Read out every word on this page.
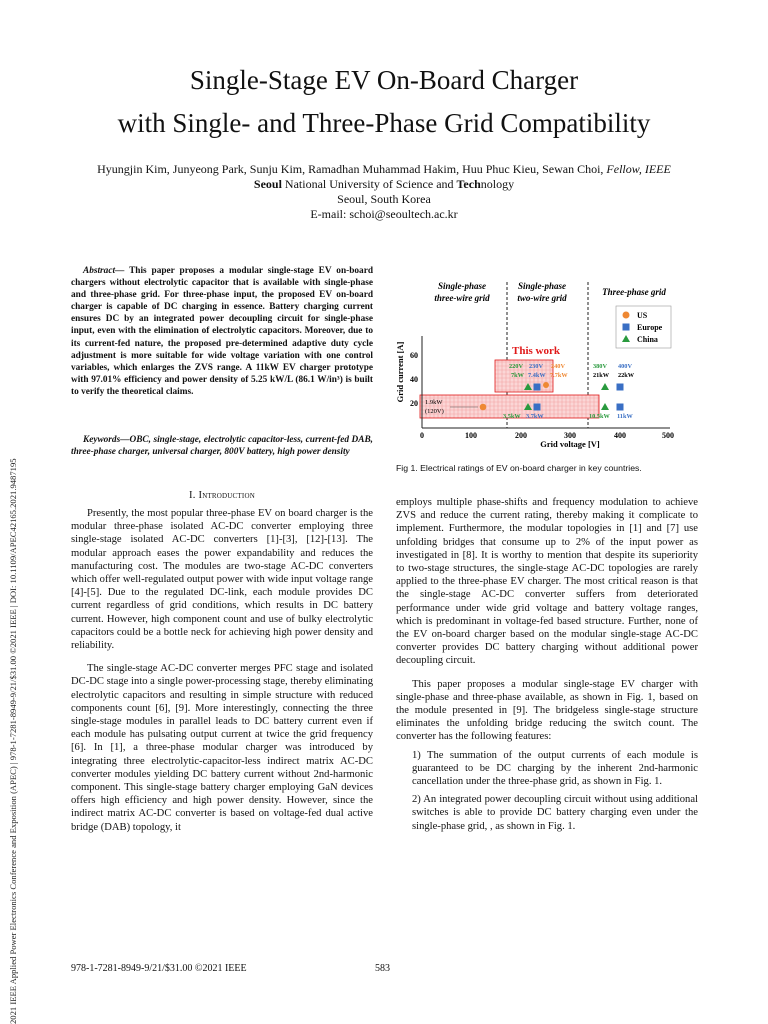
2021 IEEE Applied Power Electronics Conference and Exposition (APEC) | 978-1-7281-8949-9/21/$31.00 ©2021 IEEE | DOI: 10.1109/APEC42165.2021.9487195
Single-Stage EV On-Board Charger
with Single- and Three-Phase Grid Compatibility
Hyungjin Kim, Junyeong Park, Sunju Kim, Ramadhan Muhammad Hakim, Huu Phuc Kieu, Sewan Choi, Fellow, IEEE
Seoul National University of Science and Technology
Seoul, South Korea
E-mail: schoi@seoultech.ac.kr
Abstract— This paper proposes a modular single-stage EV on-board chargers without electrolytic capacitor that is available with single-phase and three-phase grid. For three-phase input, the proposed EV on-board charger is capable of DC charging in essence. Battery charging current ensures DC by an integrated power decoupling circuit for single-phase input, even with the elimination of electrolytic capacitors. Moreover, due to its current-fed nature, the proposed pre-determined adaptive duty cycle adjustment is more suitable for wide voltage variation with one control variables, which enlarges the ZVS range. A 11kW EV charger prototype with 97.01% efficiency and power density of 5.25 kW/L (86.1 W/in³) is built to verify the theoretical claims.
Keywords—OBC, single-stage, electrolytic capacitor-less, current-fed DAB, three-phase charger, universal charger, 800V battery, high power density
I. Introduction

Presently, the most popular three-phase EV on board charger is the modular three-phase isolated AC-DC converter employing three single-stage isolated AC-DC converters [1]-[3], [12]-[13]. The modular approach eases the power expandability and reduces the manufacturing cost. The modules are two-stage AC-DC converters which offer well-regulated output power with wide input voltage range [4]-[5]. Due to the regulated DC-link, each module provides DC current regardless of grid conditions, which results in DC battery current. However, high component count and use of bulky electrolytic capacitors could be a bottle neck for achieving high power density and reliability.

The single-stage AC-DC converter merges PFC stage and isolated DC-DC stage into a single power-processing stage, thereby eliminating electrolytic capacitors and resulting in simple structure with reduced components count [6], [9]. More interestingly, connecting the three single-stage modules in parallel leads to DC battery current even if each module has pulsating output current at twice the grid frequency [6]. In [1], a three-phase modular charger was introduced by integrating three electrolytic-capacitor-less indirect matrix AC-DC converter modules yielding DC battery current without 2nd-harmonic component. This single-stage battery charger employing GaN devices offers high efficiency and high power density. However, since the indirect matrix AC-DC converter is based on voltage-fed dual active bridge (DAB) topology, it

Single-phase
three-wire grid
Single-phase
two-wire grid
Three-phase grid
US
Europe
China
This work
0	100	200	300	400	500
20
40
60
Grid voltage [V]
Grid current [A]
1.9kW
(120V)
220V 230V 240V
7kW 7.4kW 7.7kW
3.5kW 3.7kW
380V 400V
21kW 22kW
10.5kW 11kW
Fig 1. Electrical ratings of EV on-board charger in key countries.

employs multiple phase-shifts and frequency modulation to achieve ZVS and reduce the current rating, thereby making it complicate to implement. Furthermore, the modular topologies in [1] and [7] use unfolding bridges that consume up to 2% of the input power as investigated in [8]. It is worthy to mention that despite its superiority to two-stage structures, the single-stage AC-DC topologies are rarely applied to the three-phase EV charger. The most critical reason is that the single-stage AC-DC converter suffers from deteriorated performance under wide grid voltage and battery voltage ranges, which is predominant in voltage-fed based structure. Further, none of the EV on-board charger based on the modular single-stage AC-DC converter provides DC battery charging without additional power decoupling circuit.

This paper proposes a modular single-stage EV charger with single-phase and three-phase available, as shown in Fig. 1, based on the module presented in [9]. The bridgeless single-stage structure eliminates the unfolding bridge reducing the switch count. The converter has the following features:

1) The summation of the output currents of each module is guaranteed to be DC charging by the inherent 2nd-harmonic cancellation under the three-phase grid, as shown in Fig. 1.

2) An integrated power decoupling circuit without using additional switches is able to provide DC battery charging even under the single-phase grid, , as shown in Fig. 1.

978-1-7281-8949-9/21/$31.00 ©2021 IEEE	583
